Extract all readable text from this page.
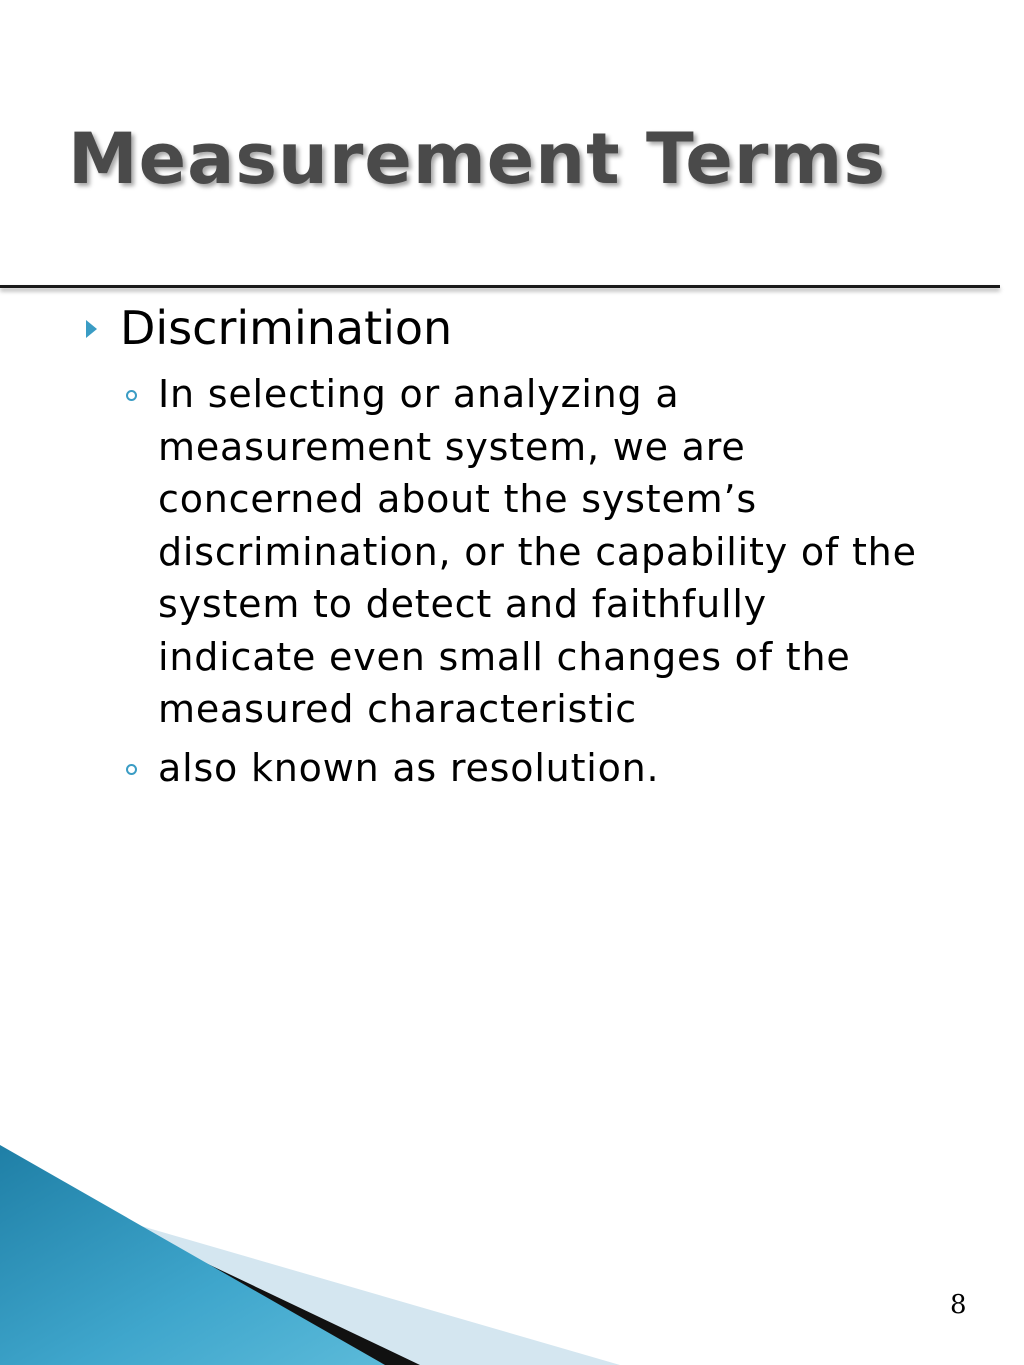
Measurement Terms
Discrimination
In selecting or analyzing a measurement system, we are concerned about the system’s discrimination, or the capability of the system to detect and faithfully indicate even small changes of the measured characteristic
also known as resolution.
8
